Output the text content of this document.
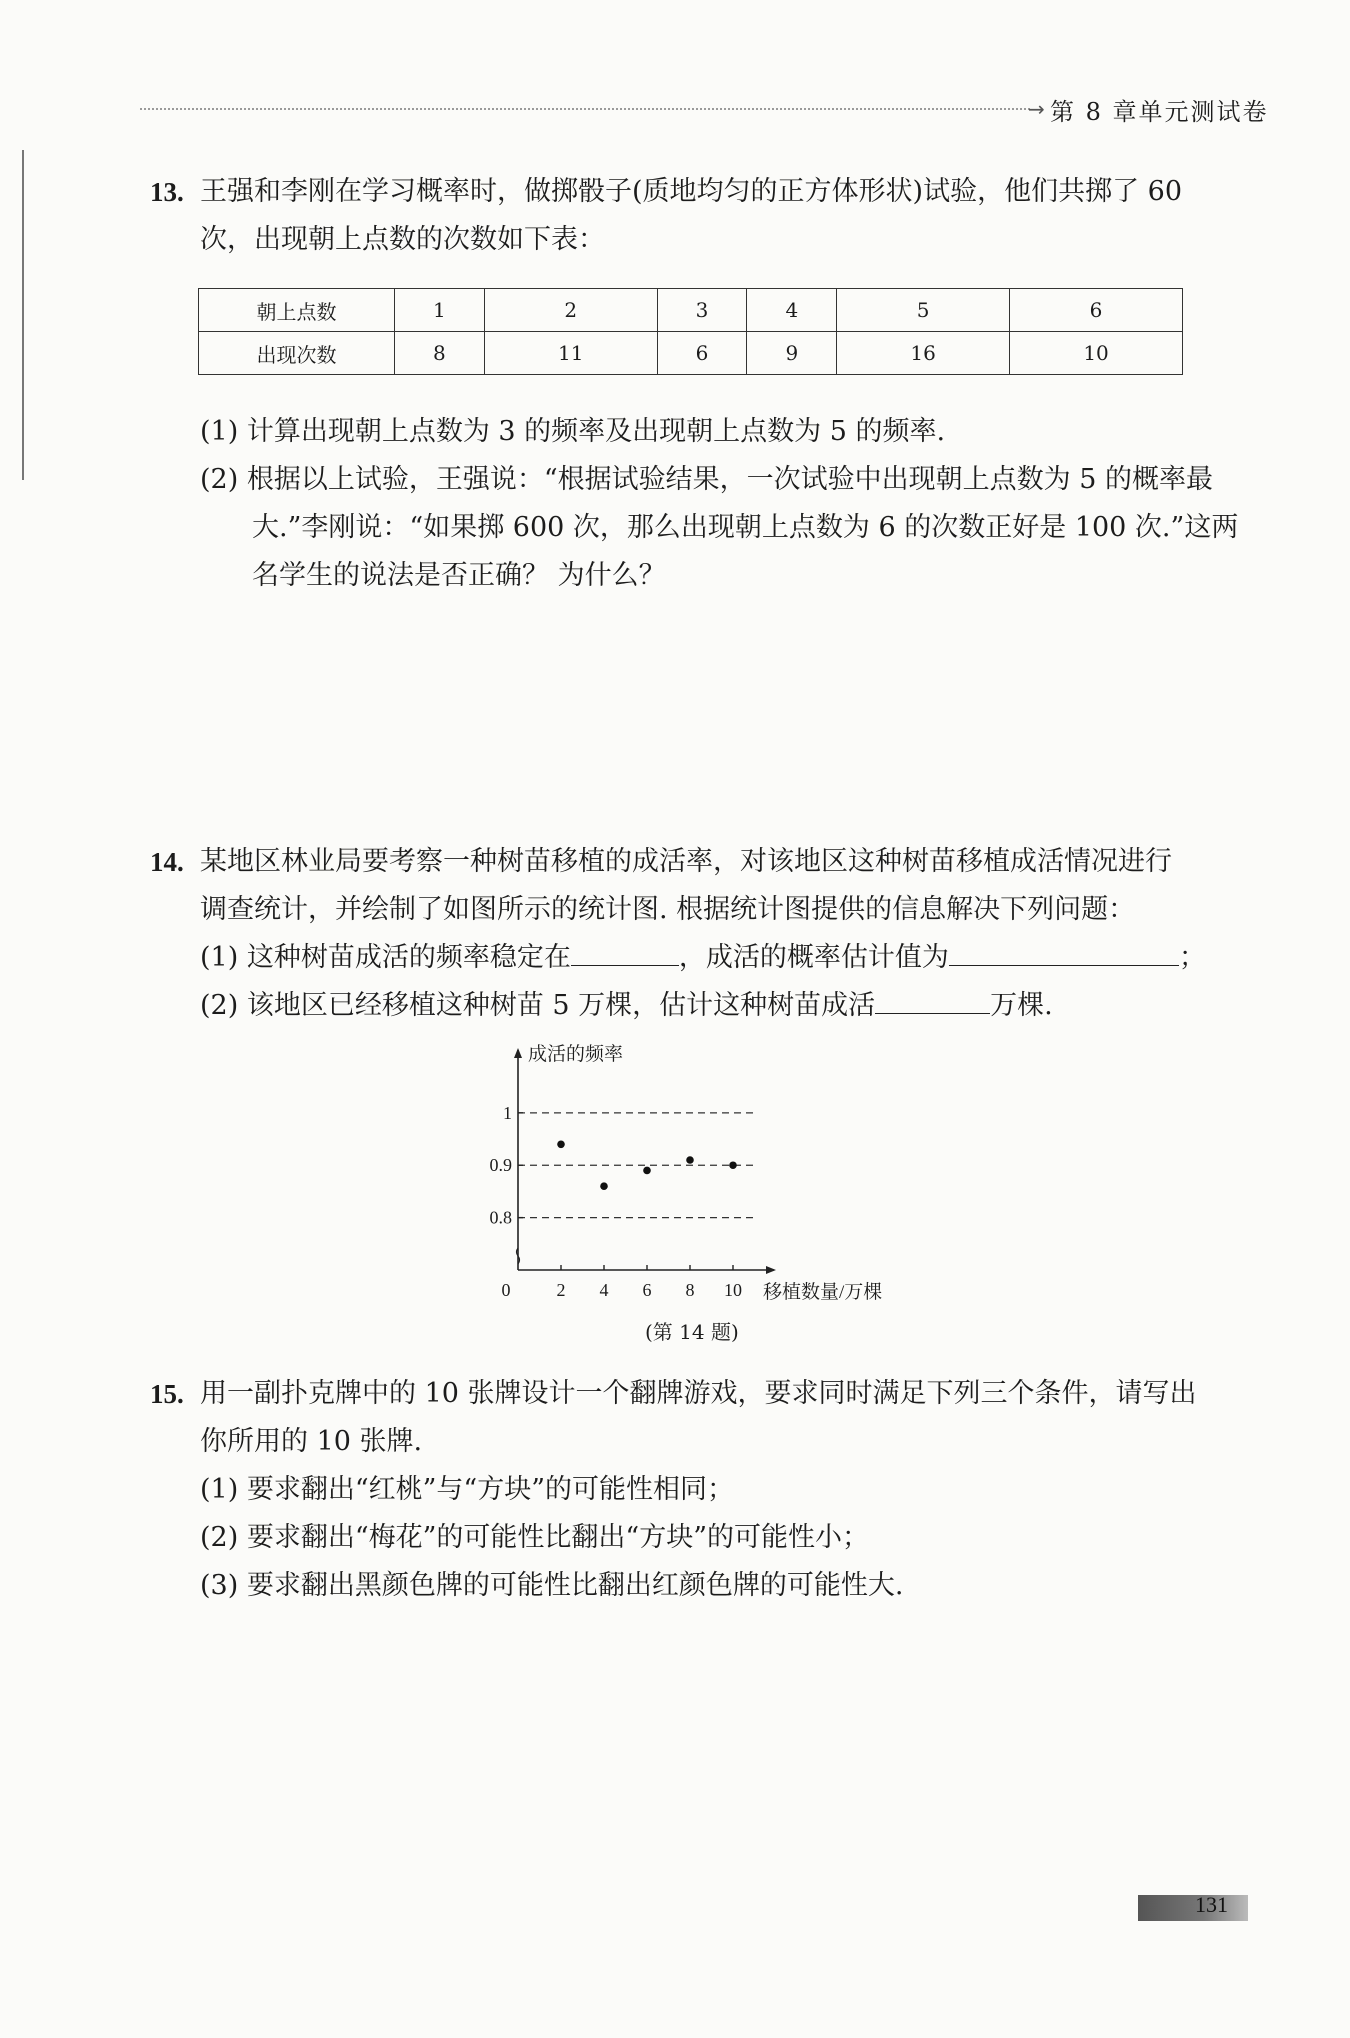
→ 第 8 章单元测试卷
13. 王强和李刚在学习概率时，做掷骰子(质地均匀的正方体形状)试验，他们共掷了 60
次，出现朝上点数的次数如下表：
朝上点数	1	2	3	4	5	6
出现次数	8	11	6	9	16	10
(1) 计算出现朝上点数为 3 的频率及出现朝上点数为 5 的频率.
(2) 根据以上试验，王强说：“根据试验结果，一次试验中出现朝上点数为 5 的概率最
大.”李刚说：“如果掷 600 次，那么出现朝上点数为 6 的次数正好是 100 次.”这两
名学生的说法是否正确？ 为什么？
14. 某地区林业局要考察一种树苗移植的成活率，对该地区这种树苗移植成活情况进行
调查统计，并绘制了如图所示的统计图. 根据统计图提供的信息解决下列问题：
(1) 这种树苗成活的频率稳定在	，成活的概率估计值为	；
(2) 该地区已经移植这种树苗 5 万棵，估计这种树苗成活	万棵.
0.8
0.9
1
0	2 4 6 8 10
成活的频率
移植数量/万棵
(第 14 题)
15. 用一副扑克牌中的 10 张牌设计一个翻牌游戏，要求同时满足下列三个条件，请写出
你所用的 10 张牌.
(1) 要求翻出“红桃”与“方块”的可能性相同；
(2) 要求翻出“梅花”的可能性比翻出“方块”的可能性小；
(3) 要求翻出黑颜色牌的可能性比翻出红颜色牌的可能性大.
131
